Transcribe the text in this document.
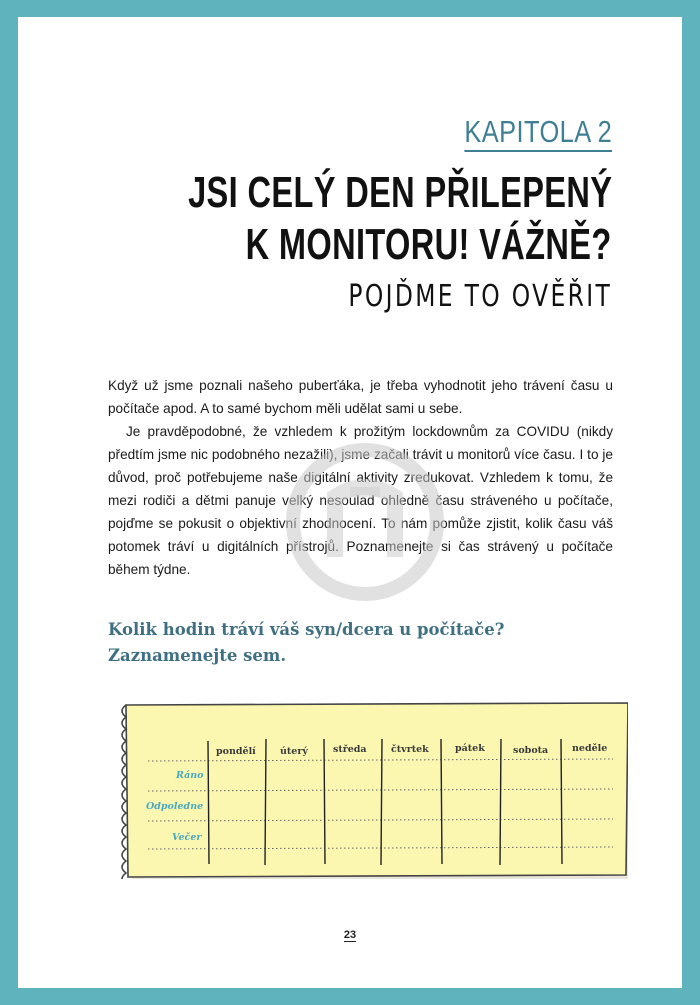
KAPITOLA 2
JSI CELÝ DEN PŘILEPENÝ
K MONITORU! VÁŽNĚ?
POJĎME TO OVĚŘIT

Když už jsme poznali našeho puberťáka, je třeba vyhodnotit jeho trávení času u počítače apod. A to samé bychom měli udělat sami u sebe.

Je pravděpodobné, že vzhledem k prožitým lockdownům za COVIDU (nikdy předtím jsme nic podobného nezažili), jsme začali trávit u monitorů více času. I to je důvod, proč potřebujeme naše digitální aktivity zredukovat. Vzhledem k tomu, že mezi rodiči a dětmi panuje velký nesoulad ohledně času stráveného u počítače, pojďme se pokusit o objektivní zhodnocení. To nám pomůže zjistit, kolik času váš potomek tráví u digitálních přístrojů. Poznamenejte si čas strávený u počítače během týdne.

Kolik hodin tráví váš syn/dcera u počítače?
Zaznamenejte sem.
pondělí	úterý	středa	čtvrtek	pátek	sobota	neděle
Ráno
Odpoledne
Večer
23
